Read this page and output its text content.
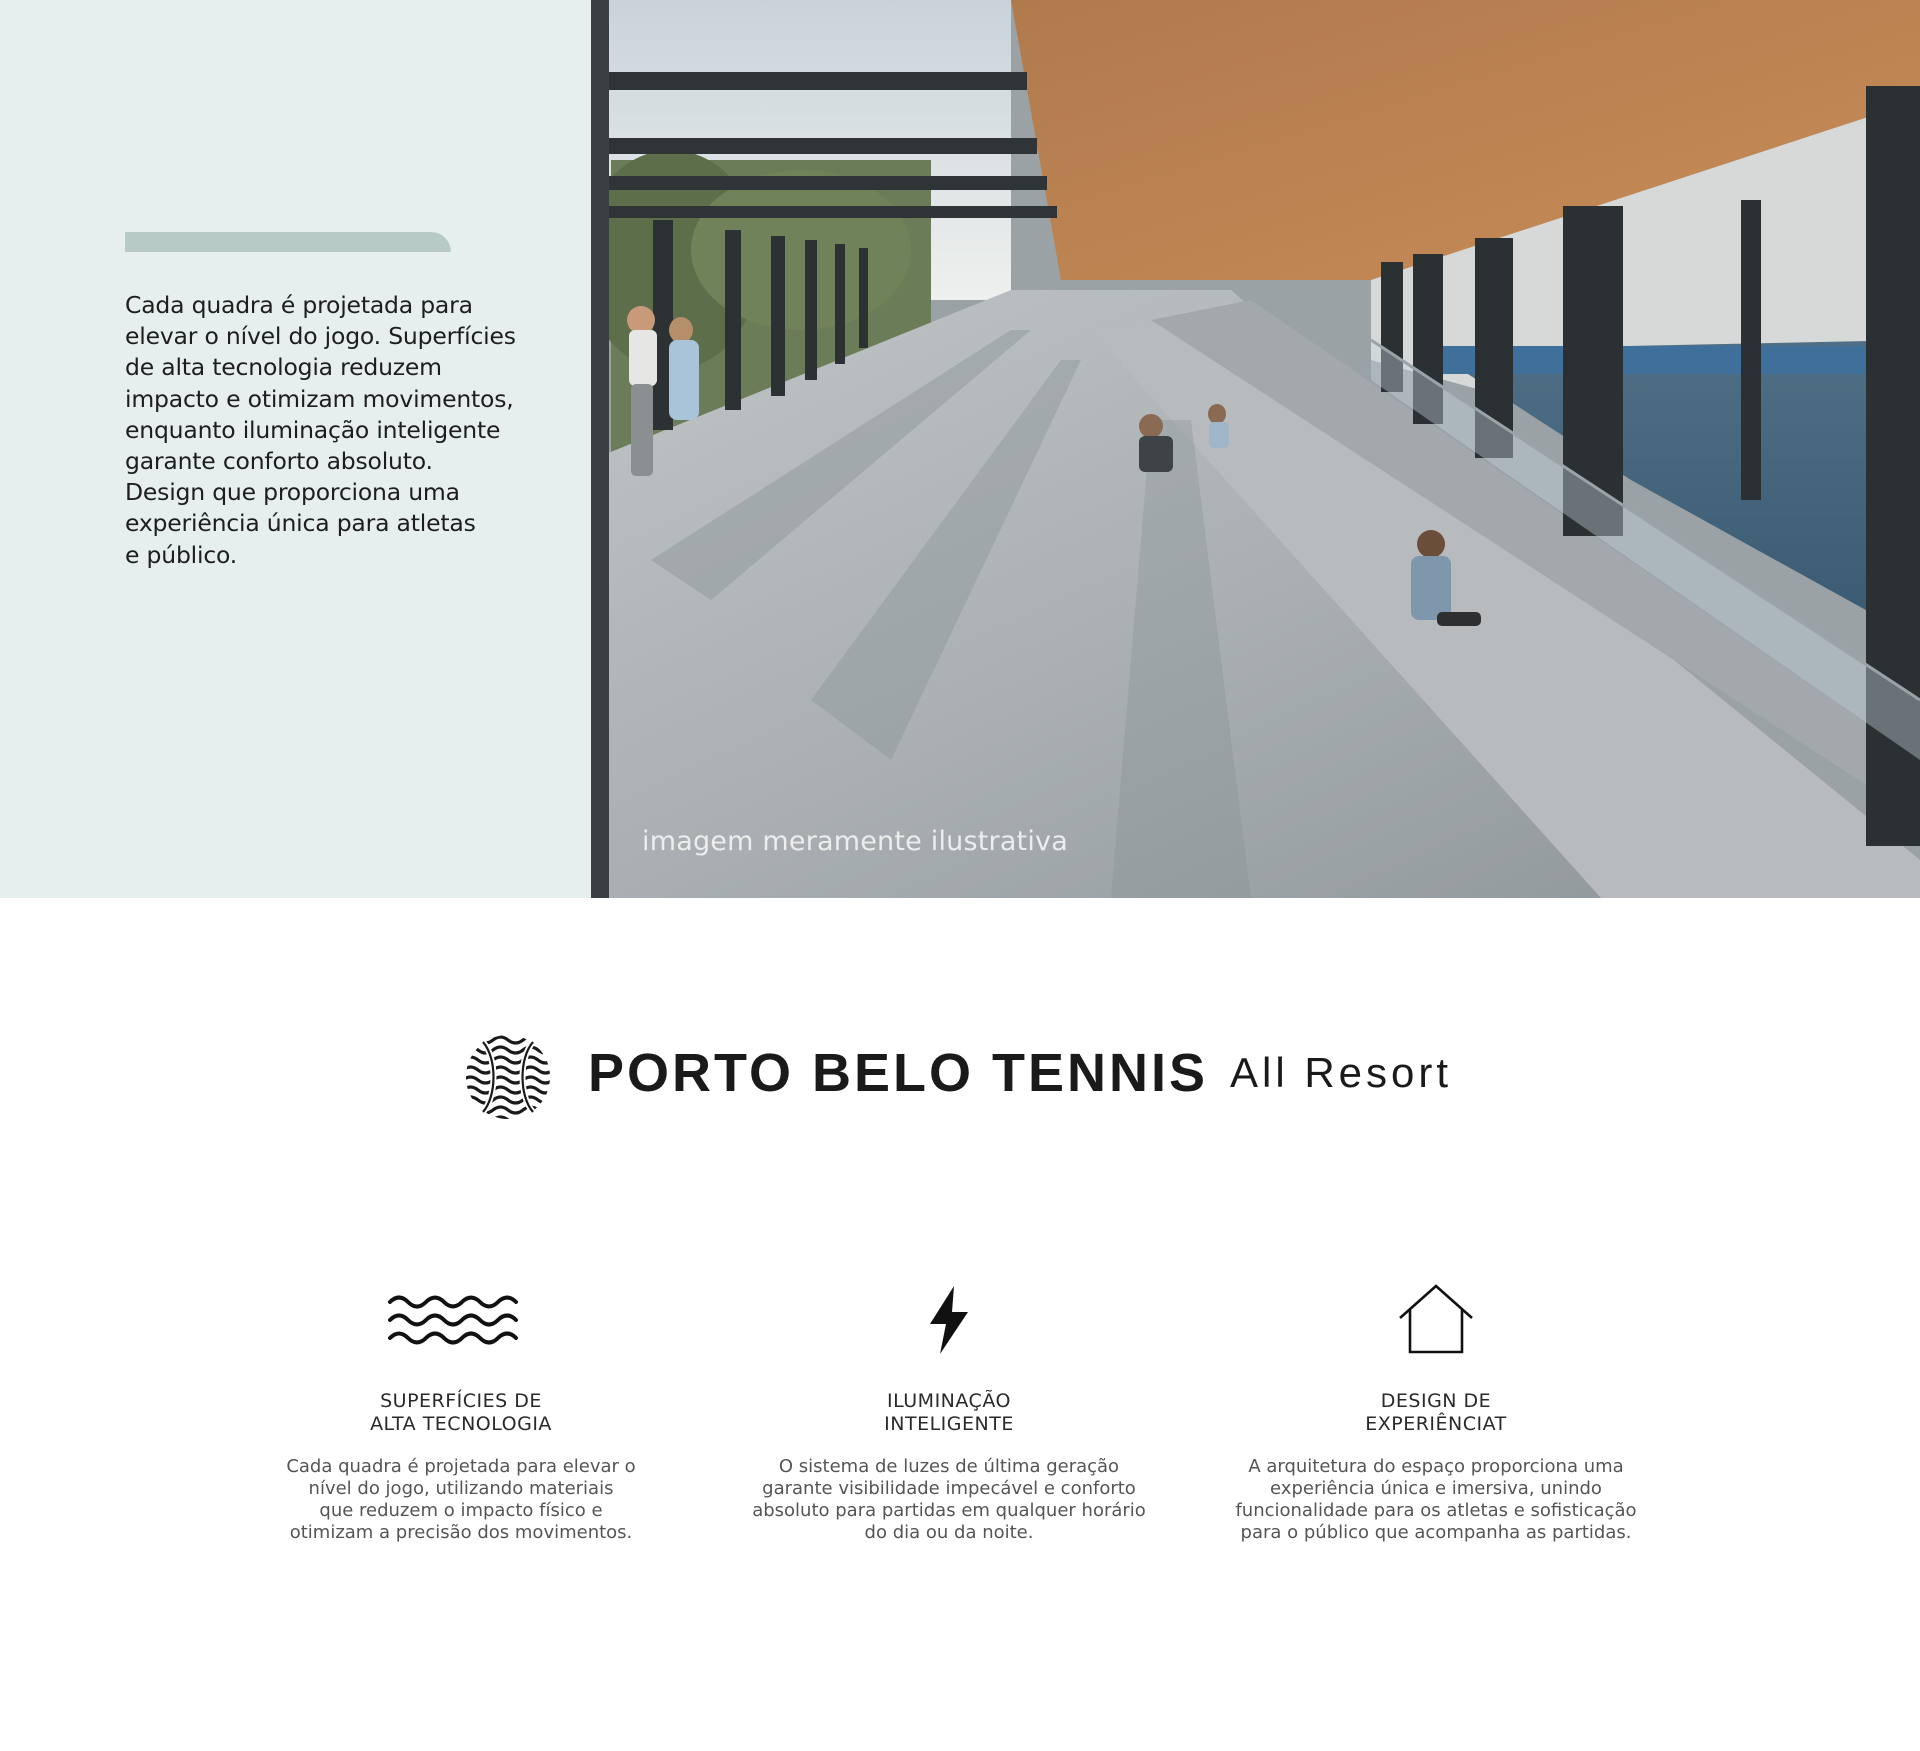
Cada quadra é projetada para
elevar o nível do jogo. Superfícies
de alta tecnologia reduzem
impacto e otimizam movimentos,
enquanto iluminação inteligente
garante conforto absoluto.
Design que proporciona uma
experiência única para atletas
e público.

imagem meramente ilustrativa
PORTO BELO TENNIS All Resort
SUPERFÍCIES DE
ALTA TECNOLOGIA
Cada quadra é projetada para elevar o
nível do jogo, utilizando materiais
que reduzem o impacto físico e
otimizam a precisão dos movimentos.
ILUMINAÇÃO
INTELIGENTE
O sistema de luzes de última geração
garante visibilidade impecável e conforto
absoluto para partidas em qualquer horário
do dia ou da noite.
DESIGN DE
EXPERIÊNCIAT
A arquitetura do espaço proporciona uma
experiência única e imersiva, unindo
funcionalidade para os atletas e sofisticação
para o público que acompanha as partidas.
